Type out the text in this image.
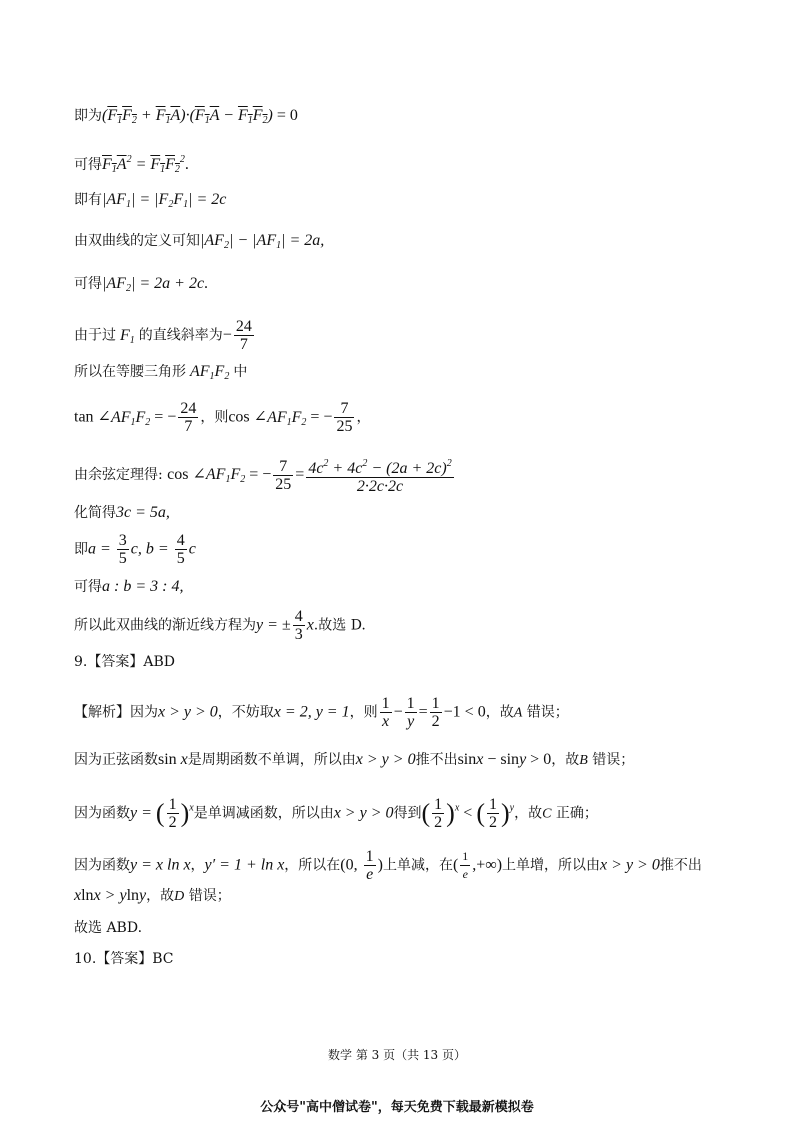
即为$(F_1F_2 + F_1A)\cdot(F_1A - F_1F_2) = 0$
可得$F_1A^2 = F_1F_2^2$.
即有$|AF_1| = |F_2F_1| = 2c$
由双曲线的定义可知$|AF_2| - |AF_1| = 2a$,
可得$|AF_2| = 2a + 2c$.
由于过 $F_1$ 的直线斜率为− $\frac{24}{7}$
所以在等腰三角形 $AF_1F_2$ 中
$\tan \angle AF_1F_2$ = − $\frac{24}{7}$ ，则$\cos \angle AF_1F_2$ = − $\frac{7}{25}$ ，
由余弦定理得: $\cos \angle AF_1F_2$ = − $\frac{7}{25} = \frac{4c^2 + 4c^2 - (2a + 2c)^2}{2\cdot 2c\cdot 2c}$
化简得3c = 5a,
即$a = \frac{3}{5} c$, $b = \frac{4}{5}$ c
可得a : b = 3 : 4,
所以此双曲线的渐近线方程为y = ± $\frac{4}{3} x$.故选 D.
9.【答案】ABD
【解析】因为x > y > 0，不妨取x = 2, y = 1，则 $\frac{1}{x} - \frac{1}{y} = \frac{1}{2} -1 < 0$，故A 错误；
因为正弦函数sin x是周期函数不单调，所以由x > y > 0推不出sinx − siny > 0，故B 错误；
因为函数y = ( $\frac{1}{2} )^x$是单调减函数，所以由x > y > 0得到( $\frac{1}{2} )^x$ < ( $\frac{1}{2} )^y$，故C 正确；
因为函数y = x ln x，y′ = 1 + ln x，所以在(0, $\frac{1}{e}$ )上单减，在( $\frac{1}{e}$ ,+∞)上单增，所以由x > y > 0推不出
xlnx > ylny，故D 错误；
故选 ABD.
10.【答案】BC
数学 第 3 页（共 13 页）
公众号"高中僧试卷"，每天免费下载最新模拟卷
